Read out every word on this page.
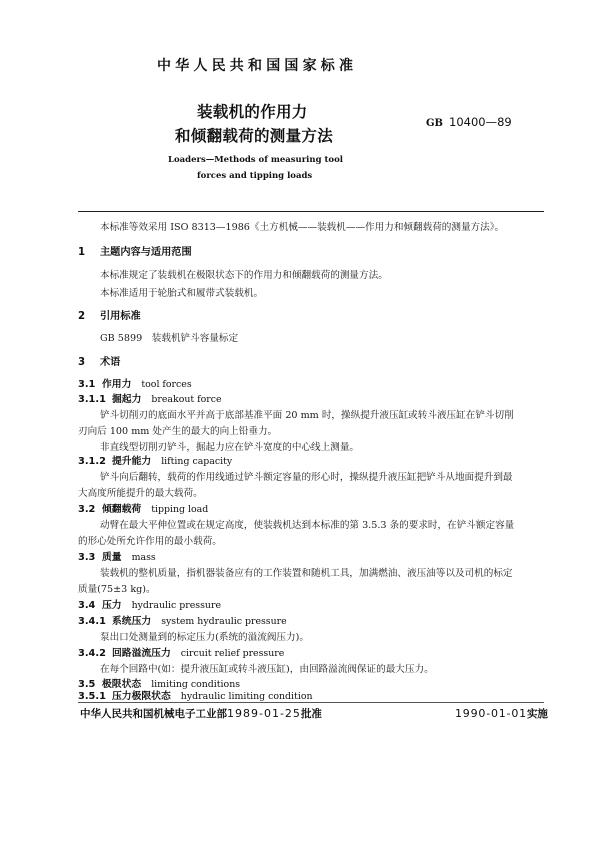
中华人民共和国国家标准
装载机的作用力
和倾翻载荷的测量方法
GB 10400—89
Loaders—Methods of measuring tool
forces and tipping loads
本标准等效采用 ISO 8313—1986《土方机械——装载机——作用力和倾翻载荷的测量方法》。
1 主题内容与适用范围
本标准规定了装载机在极限状态下的作用力和倾翻载荷的测量方法。
本标准适用于轮胎式和履带式装载机。
2 引用标准
GB 5899　装载机铲斗容量标定
3 术语
3.1 作用力 tool forces
3.1.1 掘起力 breakout force
铲斗切削刃的底面水平并高于底部基准平面 20 mm 时，操纵提升液压缸或转斗液压缸在铲斗切削
刃向后 100 mm 处产生的最大的向上铅垂力。
非直线型切削刃铲斗，掘起力应在铲斗宽度的中心线上测量。
3.1.2 提升能力 lifting capacity
铲斗向后翻转，载荷的作用线通过铲斗额定容量的形心时，操纵提升液压缸把铲斗从地面提升到最
大高度所能提升的最大载荷。
3.2 倾翻载荷 tipping load
动臂在最大平伸位置或在规定高度，使装载机达到本标准的第 3.5.3 条的要求时，在铲斗额定容量
的形心处所允许作用的最小载荷。
3.3 质量 mass
装载机的整机质量，指机器装备应有的工作装置和随机工具，加满燃油、液压油等以及司机的标定
质量(75±3 kg)。
3.4 压力 hydraulic pressure
3.4.1 系统压力 system hydraulic pressure
泵出口处测量到的标定压力(系统的溢流阀压力)。
3.4.2 回路溢流压力 circuit relief pressure
在每个回路中(如：提升液压缸或转斗液压缸)，由回路溢流阀保证的最大压力。
3.5 极限状态 limiting conditions
3.5.1 压力极限状态 hydraulic limiting condition
中华人民共和国机械电子工业部1989-01-25批准	1990-01-01实施
